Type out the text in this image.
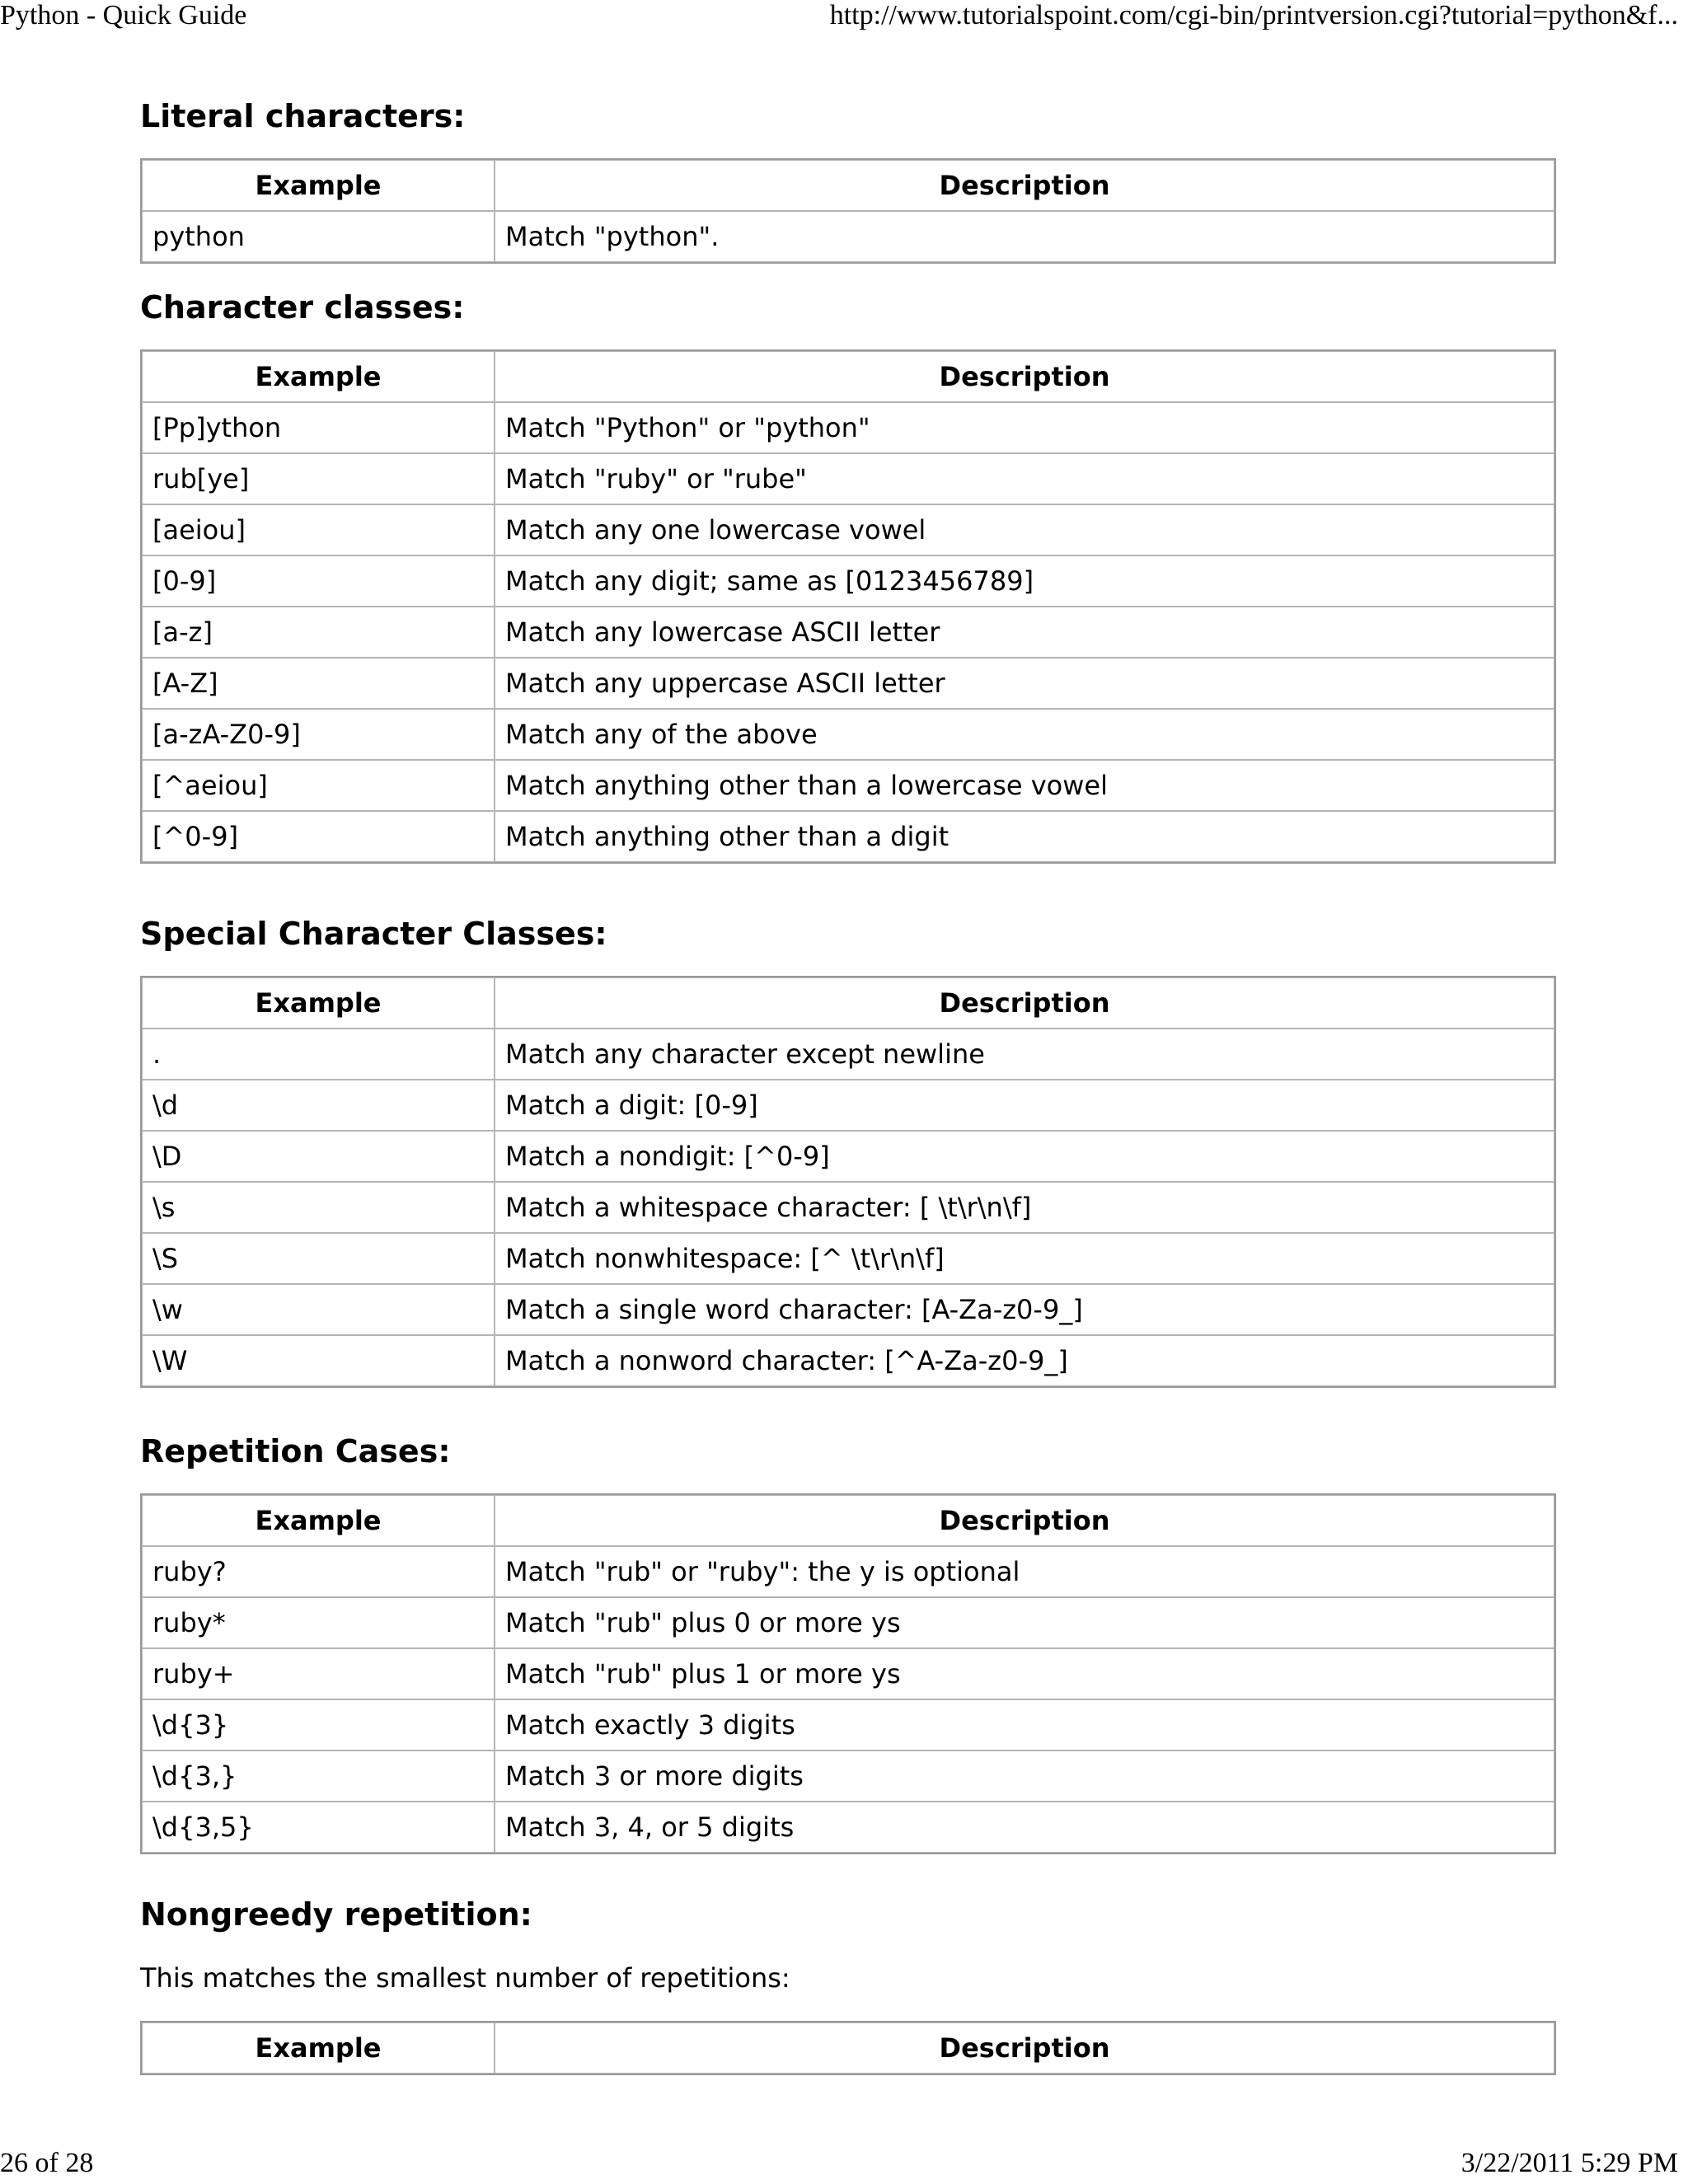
Python - Quick Guide	http://www.tutorialspoint.com/cgi-bin/printversion.cgi?tutorial=python&f...
Literal characters:
Example	Description
python	Match "python".
Character classes:
Example	Description
[Pp]ython	Match "Python" or "python"
rub[ye]	Match "ruby" or "rube"
[aeiou]	Match any one lowercase vowel
[0-9]	Match any digit; same as [0123456789]
[a-z]	Match any lowercase ASCII letter
[A-Z]	Match any uppercase ASCII letter
[a-zA-Z0-9]	Match any of the above
[^aeiou]	Match anything other than a lowercase vowel
[^0-9]	Match anything other than a digit
Special Character Classes:
Example	Description
.	Match any character except newline
\d	Match a digit: [0-9]
\D	Match a nondigit: [^0-9]
\s	Match a whitespace character: [ \t\r\n\f]
\S	Match nonwhitespace: [^ \t\r\n\f]
\w	Match a single word character: [A-Za-z0-9_]
\W	Match a nonword character: [^A-Za-z0-9_]
Repetition Cases:
Example	Description
ruby?	Match "rub" or "ruby": the y is optional
ruby*	Match "rub" plus 0 or more ys
ruby+	Match "rub" plus 1 or more ys
\d{3}	Match exactly 3 digits
\d{3,}	Match 3 or more digits
\d{3,5}	Match 3, 4, or 5 digits
Nongreedy repetition:
This matches the smallest number of repetitions:
Example	Description
26 of 28	3/22/2011 5:29 PM
